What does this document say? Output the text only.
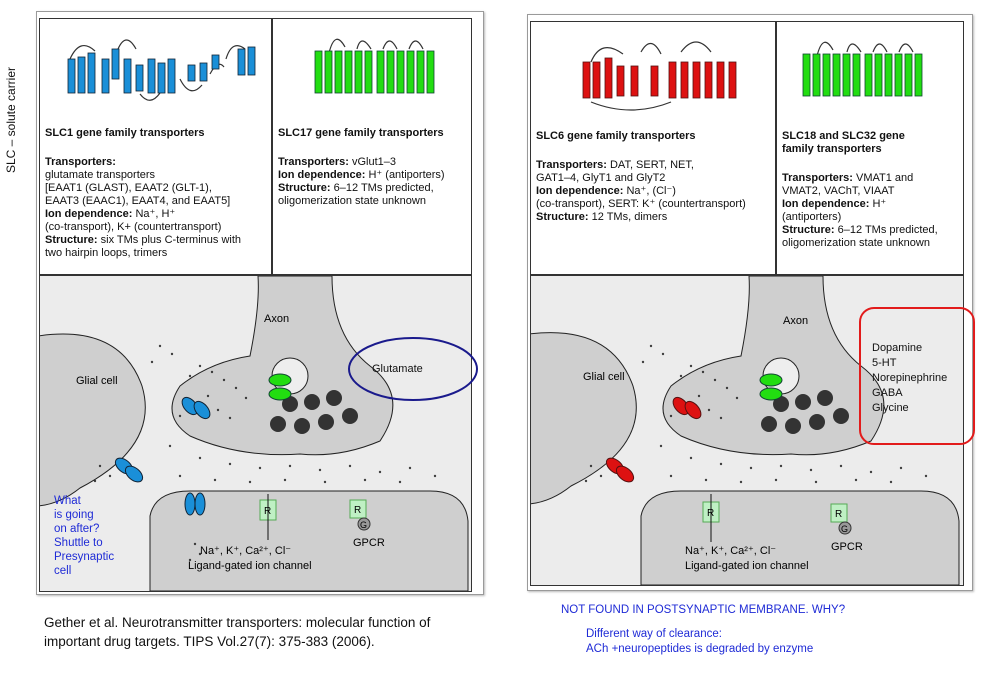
SLC – solute carrier SLC1 gene family transporters
Transporters:
glutamate transporters
[EAAT1 (GLAST), EAAT2 (GLT-1),
EAAT3 (EAAC1), EAAT4, and EAAT5]
Ion dependence: Na⁺, H⁺
(co-transport), K+ (countertransport)
Structure: six TMs plus C-terminus with
two hairpin loops, trimers
SLC17 gene family transporters
Transporters: vGlut1–3
Ion dependence: H⁺ (antiporters)
Structure: 6–12 TMs predicted,
oligomerization state unknown
Axon
Glial cell
R	R
G
Na⁺, K⁺, Ca²⁺, Cl⁻
Ligand-gated ion channel
GPCR
Glutamate
What
is going
on after?
Shuttle to
Presynaptic
cell
SLC6 gene family transporters
Transporters: DAT, SERT, NET,
GAT1–4, GlyT1 and GlyT2
Ion dependence: Na⁺, (Cl⁻)
(co-transport), SERT: K⁺ (countertransport)
Structure: 12 TMs, dimers
SLC18 and SLC32 gene
family transporters
Transporters: VMAT1 and
VMAT2, VAChT, VIAAT
Ion dependence: H⁺
(antiporters)
Structure: 6–12 TMs predicted,
oligomerization state unknown
Axon
Glial cell
R	R
G
Na⁺, K⁺, Ca²⁺, Cl⁻
Ligand-gated ion channel
GPCR
Dopamine
5-HT
Norepinephrine
GABA
Glycine
Gether et al. Neurotransmitter transporters: molecular function of important drug targets. TIPS Vol.27(7): 375-383 (2006).
NOT FOUND IN POSTSYNAPTIC MEMBRANE. WHY?
Different way of clearance:
ACh +neuropeptides is degraded by enzyme
